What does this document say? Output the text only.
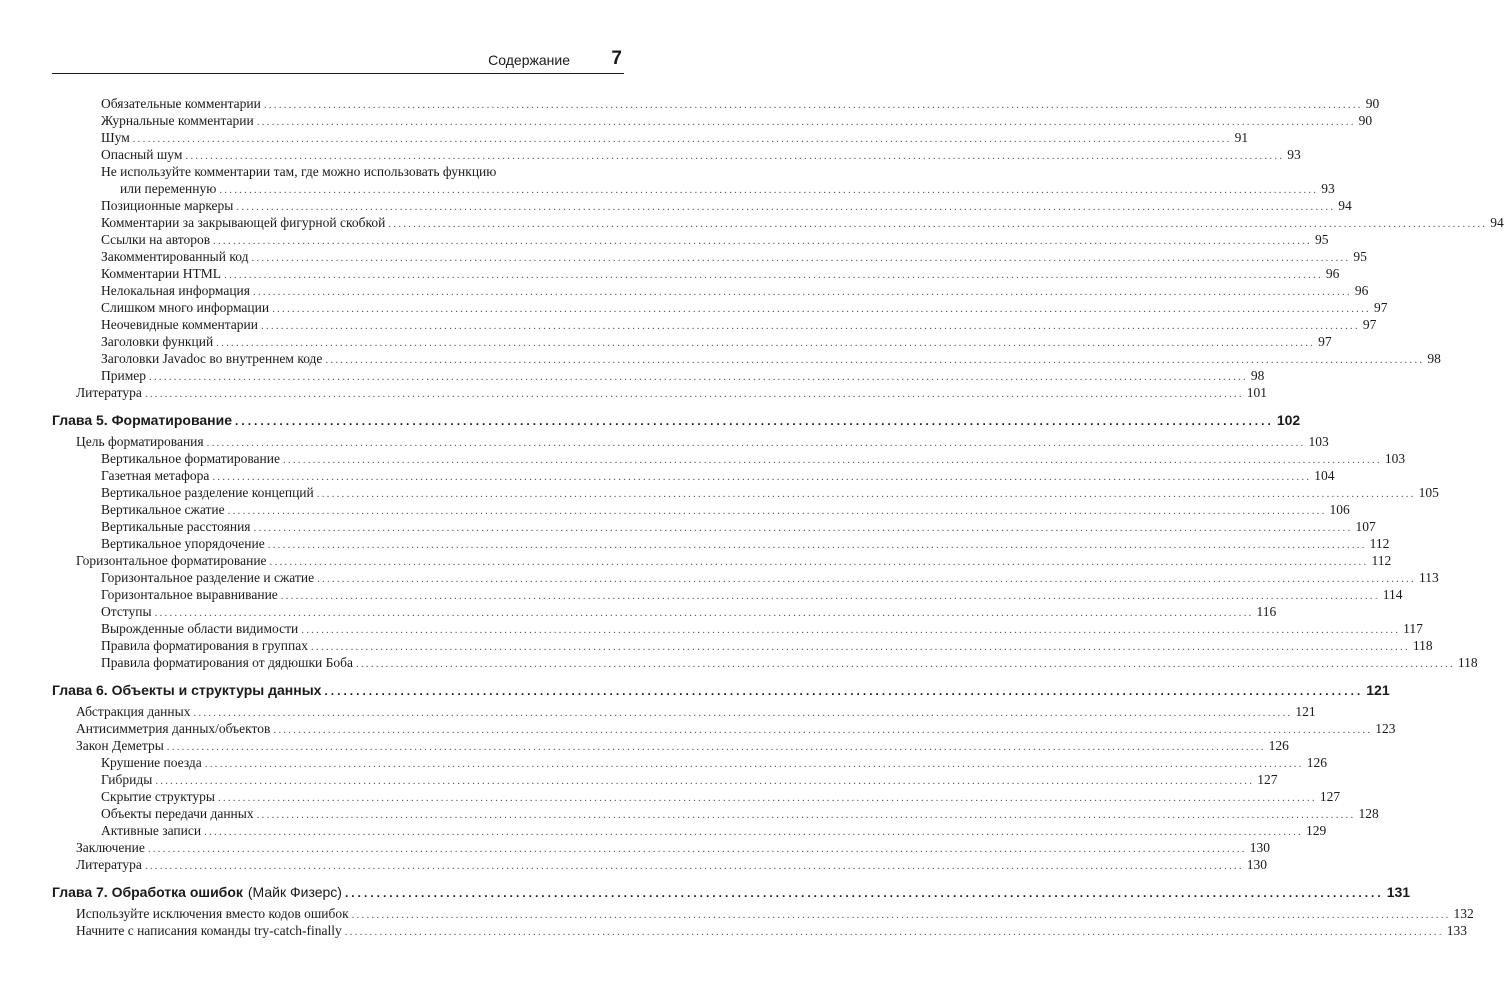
Содержание 7
Обязательные комментарии .............................................................................................................................................................................................................................. 90
Журнальные комментарии .............................................................................................................................................................................................................................. 90
Шум .............................................................................................................................................................................................................................. 91
Опасный шум .............................................................................................................................................................................................................................. 93
Не используйте комментарии там, где можно использовать функцию
или переменную .............................................................................................................................................................................................................................. 93
Позиционные маркеры .............................................................................................................................................................................................................................. 94
Комментарии за закрывающей фигурной скобкой .............................................................................................................................................................................................................................. 94
Ссылки на авторов .............................................................................................................................................................................................................................. 95
Закомментированный код .............................................................................................................................................................................................................................. 95
Комментарии HTML .............................................................................................................................................................................................................................. 96
Нелокальная информация .............................................................................................................................................................................................................................. 96
Слишком много информации .............................................................................................................................................................................................................................. 97
Неочевидные комментарии .............................................................................................................................................................................................................................. 97
Заголовки функций .............................................................................................................................................................................................................................. 97
Заголовки Javadoc во внутреннем коде .............................................................................................................................................................................................................................. 98
Пример .............................................................................................................................................................................................................................. 98
Литература .............................................................................................................................................................................................................................. 101
Глава 5. Форматирование .................................................................................................................................................................... 102
Цель форматирования .............................................................................................................................................................................................................................. 103
Вертикальное форматирование .............................................................................................................................................................................................................................. 103
Газетная метафора .............................................................................................................................................................................................................................. 104
Вертикальное разделение концепций .............................................................................................................................................................................................................................. 105
Вертикальное сжатие .............................................................................................................................................................................................................................. 106
Вертикальные расстояния .............................................................................................................................................................................................................................. 107
Вертикальное упорядочение .............................................................................................................................................................................................................................. 112
Горизонтальное форматирование .............................................................................................................................................................................................................................. 112
Горизонтальное разделение и сжатие .............................................................................................................................................................................................................................. 113
Горизонтальное выравнивание .............................................................................................................................................................................................................................. 114
Отступы .............................................................................................................................................................................................................................. 116
Вырожденные области видимости .............................................................................................................................................................................................................................. 117
Правила форматирования в группах .............................................................................................................................................................................................................................. 118
Правила форматирования от дядюшки Боба .............................................................................................................................................................................................................................. 118
Глава 6. Объекты и структуры данных .................................................................................................................................................................... 121
Абстракция данных .............................................................................................................................................................................................................................. 121
Антисимметрия данных/объектов .............................................................................................................................................................................................................................. 123
Закон Деметры .............................................................................................................................................................................................................................. 126
Крушение поезда .............................................................................................................................................................................................................................. 126
Гибриды .............................................................................................................................................................................................................................. 127
Скрытие структуры .............................................................................................................................................................................................................................. 127
Объекты передачи данных .............................................................................................................................................................................................................................. 128
Активные записи .............................................................................................................................................................................................................................. 129
Заключение .............................................................................................................................................................................................................................. 130
Литература .............................................................................................................................................................................................................................. 130
Глава 7. Обработка ошибок (Майк Физерс) .................................................................................................................................................................... 131
Используйте исключения вместо кодов ошибок .............................................................................................................................................................................................................................. 132
Начните с написания команды try-catch-finally .............................................................................................................................................................................................................................. 133
